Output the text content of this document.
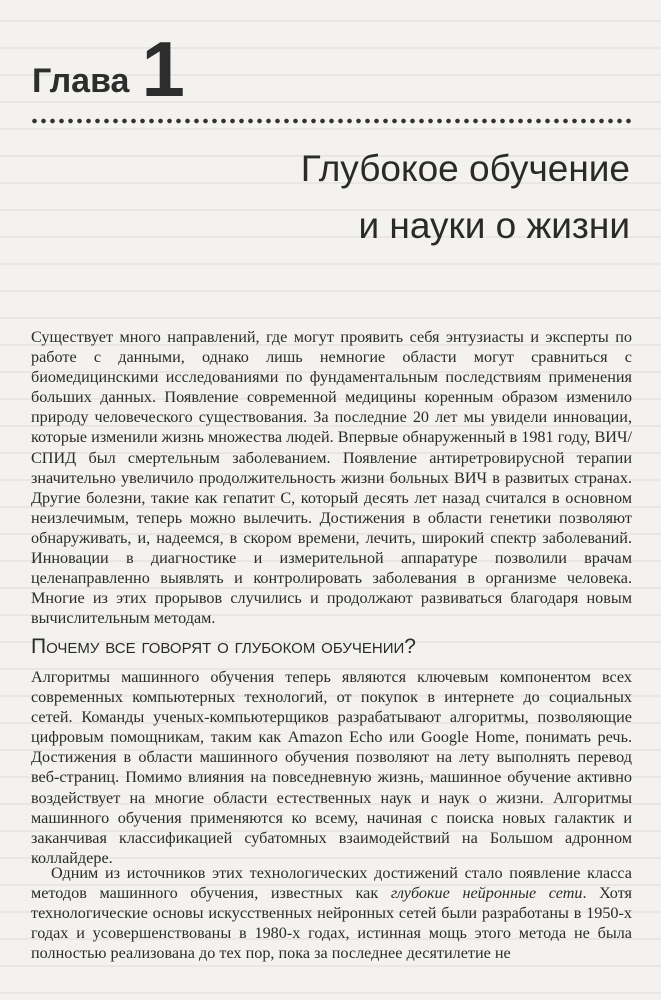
Глава 1
Глубокое обучение
и науки о жизни

Существует много направлений, где могут проявить себя энтузиасты и эксперты по работе с данными, однако лишь немногие области могут сравниться с биомедицинскими исследованиями по фундаментальным последствиям применения больших данных. Появление современной медицины коренным образом изменило природу человеческого существования. За последние 20 лет мы увидели инновации, которые изменили жизнь множества людей. Впервые обнаруженный в 1981 году, ВИЧ/СПИД был смертельным заболеванием. Появление антиретровирусной терапии значительно увеличило продолжительность жизни больных ВИЧ в развитых странах. Другие болезни, такие как гепатит С, который десять лет назад считался в основном неизлечимым, теперь можно вылечить. Достижения в области генетики позволяют обнаруживать, и, надеемся, в скором времени, лечить, широкий спектр заболеваний. Инновации в диагностике и измерительной аппаратуре позволили врачам целенаправленно выявлять и контролировать заболевания в организме человека. Многие из этих прорывов случились и продолжают развиваться благодаря новым вычислительным методам.

Почему все говорят о глубоком обучении?

Алгоритмы машинного обучения теперь являются ключевым компонентом всех современных компьютерных технологий, от покупок в интернете до социальных сетей. Команды ученых-компьютерщиков разрабатывают алгоритмы, позволяющие цифровым помощникам, таким как Amazon Echo или Google Home, понимать речь. Достижения в области машинного обучения позволяют на лету выполнять перевод веб-страниц. Помимо влияния на повседневную жизнь, машинное обучение активно воздействует на многие области естественных наук и наук о жизни. Алгоритмы машинного обучения применяются ко всему, начиная с поиска новых галактик и заканчивая классификацией субатомных взаимодействий на Большом адронном коллайдере.

Одним из источников этих технологических достижений стало появление класса методов машинного обучения, известных как глубокие нейронные сети. Хотя технологические основы искусственных нейронных сетей были разработаны в 1950-х годах и усовершенствованы в 1980-х годах, истинная мощь этого метода не была полностью реализована до тех пор, пока за последнее десятилетие не
